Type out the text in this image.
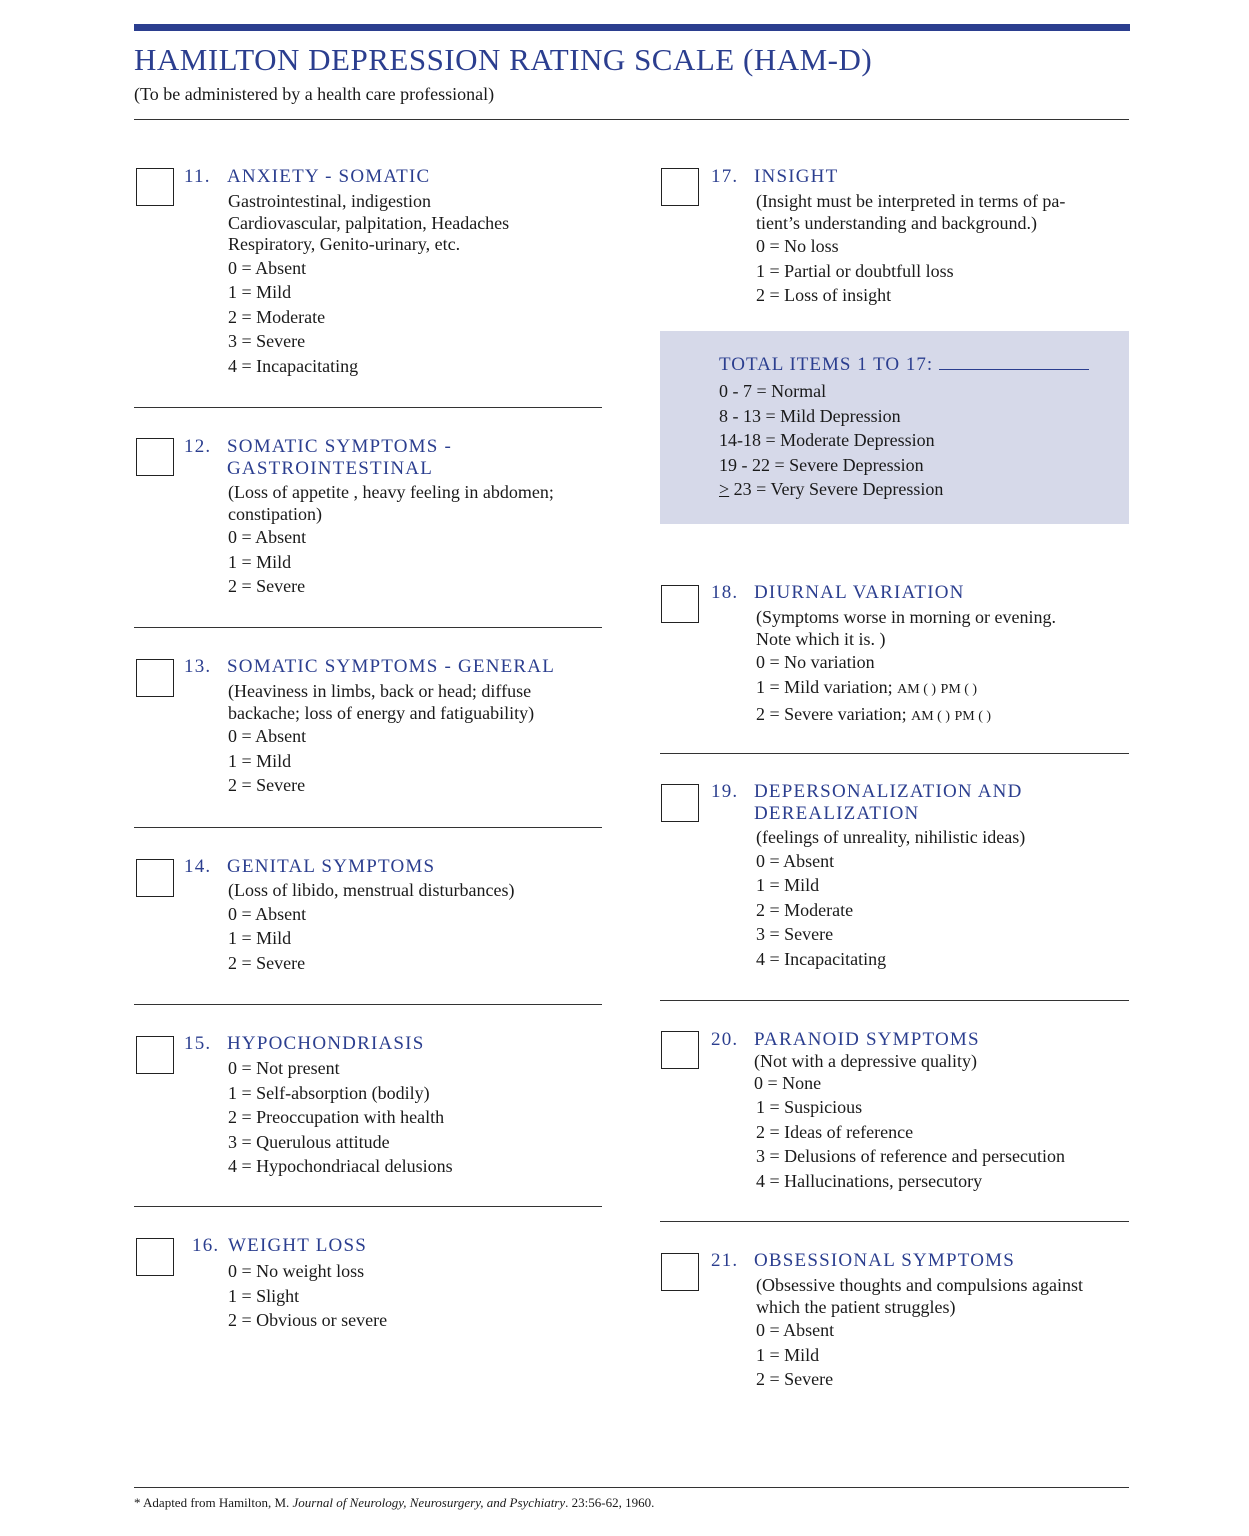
HAMILTON DEPRESSION RATING SCALE (HAM-D)
(To be administered by a health care professional)
11. ANXIETY - SOMATIC
Gastrointestinal, indigestion
Cardiovascular, palpitation, Headaches
Respiratory, Genito-urinary, etc.
0 = Absent
1 = Mild
2 = Moderate
3 = Severe
4 = Incapacitating
12. SOMATIC SYMPTOMS -
GASTROINTESTINAL
(Loss of appetite , heavy feeling in abdomen;
constipation)
0 = Absent
1 = Mild
2 = Severe
13. SOMATIC SYMPTOMS - GENERAL
(Heaviness in limbs, back or head; diffuse
backache; loss of energy and fatiguability)
0 = Absent
1 = Mild
2 = Severe
14. GENITAL SYMPTOMS
(Loss of libido, menstrual disturbances)
0 = Absent
1 = Mild
2 = Severe
15. HYPOCHONDRIASIS
0 = Not present
1 = Self-absorption (bodily)
2 = Preoccupation with health
3 = Querulous attitude
4 = Hypochondriacal delusions
16. WEIGHT LOSS
0 = No weight loss
1 = Slight
2 = Obvious or severe
17. INSIGHT
(Insight must be interpreted in terms of pa-
tient’s understanding and background.)
0 = No loss
1 = Partial or doubtfull loss
2 = Loss of insight
TOTAL ITEMS 1 TO 17:
0 - 7 = Normal
8 - 13 = Mild Depression
14-18 = Moderate Depression
19 - 22 = Severe Depression
> 23 = Very Severe Depression
18. DIURNAL VARIATION
(Symptoms worse in morning or evening.
Note which it is. )
0 = No variation
1 = Mild variation; AM ( ) PM ( )
2 = Severe variation; AM ( ) PM ( )
19. DEPERSONALIZATION AND
DEREALIZATION
(feelings of unreality, nihilistic ideas)
0 = Absent
1 = Mild
2 = Moderate
3 = Severe
4 = Incapacitating
20. PARANOID SYMPTOMS
(Not with a depressive quality)
0 = None
1 = Suspicious
2 = Ideas of reference
3 = Delusions of reference and persecution
4 = Hallucinations, persecutory
21. OBSESSIONAL SYMPTOMS
(Obsessive thoughts and compulsions against
which the patient struggles)
0 = Absent
1 = Mild
2 = Severe
* Adapted from Hamilton, M. Journal of Neurology, Neurosurgery, and Psychiatry. 23:56-62, 1960.
